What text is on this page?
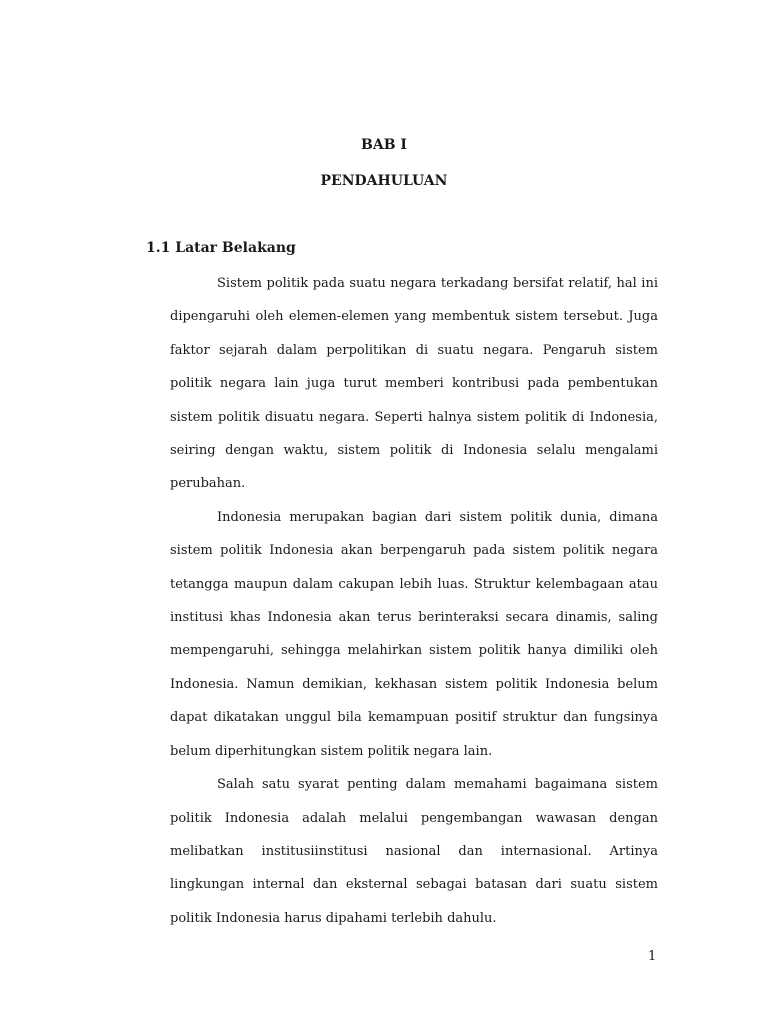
BAB I
PENDAHULUAN
1.1 Latar Belakang

Sistem politik pada suatu negara terkadang bersifat relatif, hal ini dipengaruhi oleh elemen-elemen yang membentuk sistem tersebut. Juga faktor sejarah dalam perpolitikan di suatu negara. Pengaruh sistem politik negara lain juga turut memberi kontribusi pada pembentukan sistem politik disuatu negara. Seperti halnya sistem politik di Indonesia, seiring dengan waktu, sistem politik di Indonesia selalu mengalami perubahan.

Indonesia merupakan bagian dari sistem politik dunia, dimana sistem politik Indonesia akan berpengaruh pada sistem politik negara tetangga maupun dalam cakupan lebih luas. Struktur kelembagaan atau institusi khas Indonesia akan terus berinteraksi secara dinamis, saling mempengaruhi, sehingga melahirkan sistem politik hanya dimiliki oleh Indonesia. Namun demikian, kekhasan sistem politik Indonesia belum dapat dikatakan unggul bila kemampuan positif struktur dan fungsinya belum diperhitungkan sistem politik negara lain.

Salah satu syarat penting dalam memahami bagaimana sistem politik Indonesia adalah melalui pengembangan wawasan dengan melibatkan institusiinstitusi nasional dan internasional. Artinya lingkungan internal dan eksternal sebagai batasan dari suatu sistem politik Indonesia harus dipahami terlebih dahulu.

1
